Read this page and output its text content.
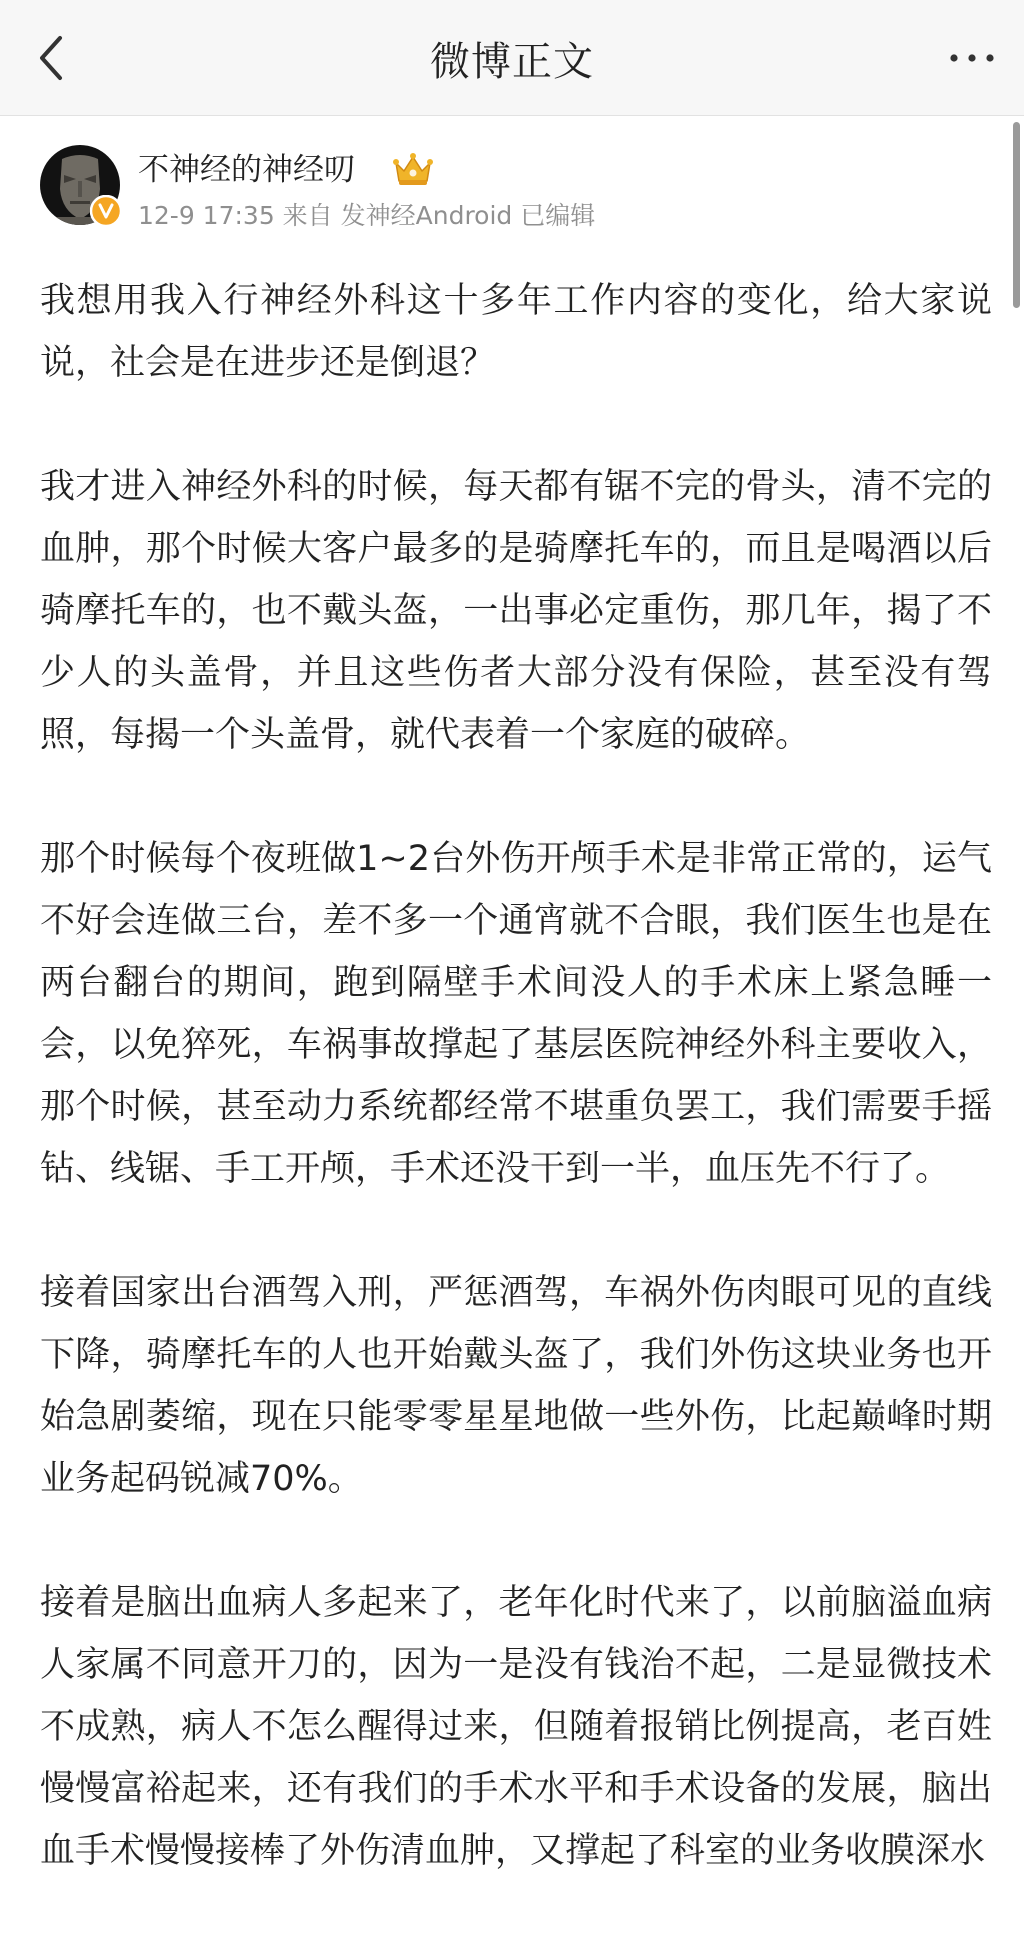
微博正文
不神经的神经叨
12-9 17:35 来自 发神经Android 已编辑

我想用我入行神经外科这十多年工作内容的变化，给大家说说，社会是在进步还是倒退？

我才进入神经外科的时候，每天都有锯不完的骨头，清不完的血肿，那个时候大客户最多的是骑摩托车的，而且是喝酒以后骑摩托车的，也不戴头盔，一出事必定重伤，那几年，揭了不少人的头盖骨，并且这些伤者大部分没有保险，甚至没有驾照，每揭一个头盖骨，就代表着一个家庭的破碎。

那个时候每个夜班做1~2台外伤开颅手术是非常正常的，运气不好会连做三台，差不多一个通宵就不合眼，我们医生也是在两台翻台的期间，跑到隔壁手术间没人的手术床上紧急睡一会，以免猝死，车祸事故撑起了基层医院神经外科主要收入，那个时候，甚至动力系统都经常不堪重负罢工，我们需要手摇钻、线锯、手工开颅，手术还没干到一半，血压先不行了。

接着国家出台酒驾入刑，严惩酒驾，车祸外伤肉眼可见的直线下降，骑摩托车的人也开始戴头盔了，我们外伤这块业务也开始急剧萎缩，现在只能零零星星地做一些外伤，比起巅峰时期业务起码锐减70%。

接着是脑出血病人多起来了，老年化时代来了，以前脑溢血病人家属不同意开刀的，因为一是没有钱治不起，二是显微技术不成熟，病人不怎么醒得过来，但随着报销比例提高，老百姓慢慢富裕起来，还有我们的手术水平和手术设备的发展，脑出血手术慢慢接棒了外伤清血肿，又撑起了科室的业务收膜深水
